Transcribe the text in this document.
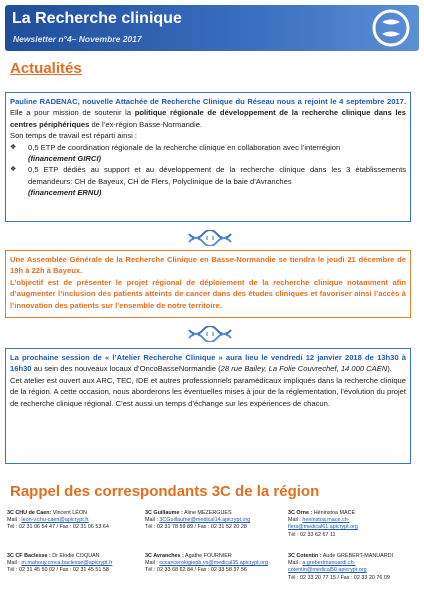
La Recherche clinique
Newsletter n°4– Novembre 2017
Actualités

Pauline RADENAC, nouvelle Attachée de Recherche Clinique du Réseau nous a rejoint le 4 septembre 2017. Elle a pour mission de soutenir la politique régionale de développement de la recherche clinique dans les centres périphériques de l’ex-région Basse-Normandie.

Son temps de travail est réparti ainsi :

❖	0,5 ETP de coordination régionale de la recherche clinique en collaboration avec l’interrégion
(financement GIRCI)
❖	0,5 ETP dédiés au support et au développement de la recherche clinique dans les 3 établissements demandeurs: CH de Bayeux, CH de Flers, Polyclinique de la baie d’Avranches
(financement ERNU)

Une Assemblée Générale de la Recherche Clinique en Basse-Normandie se tiendra le jeudi 21 décembre de 19h à 22h à Bayeux.

L’objectif est de présenter le projet régional de déploiement de la recherche clinique notamment afin d’augmenter l’inclusion des patients atteints de cancer dans des études cliniques et favoriser ainsi l’accès à l’innovation des patients sur l’ensemble de notre territoire.

La prochaine session de « l’Atelier Recherche Clinique » aura lieu le vendredi 12 janvier 2018 de 13h30 à 16h30 au sein des nouveaux locaux d’OncoBasseNormandie (28 rue Bailey, La Folie Couvrechef, 14 000 CAEN).

Cet atelier est ouvert aux ARC, TEC, IDE et autres professionnels paramédicaux impliqués dans la recherche clinique de la région. A cette occasion, nous aborderons les éventuelles mises à jour de la réglementation, l’évolution du projet de recherche clinique régional. C’est aussi un temps d’échange sur les expériences de chacun.

Rappel des correspondants 3C de la région
3C CHU de Caen: Vincent LÉON
Mail : leon-v.chu-caen@apicrypt.fr
Tél : 02 31 06 54 47 / Fax : 02 31 06 53 64
3C Guillaume : Aline MEZERGUES
Mail : 3CGuillaume@medical14.apicrypt.org
Tél : 02 31 78 59 89 / Fax : 02 31 52 20 28
3C Orne : Héninstoa MACÉ
Mail : heninstoa.mace.ch-flers@medical61.apicrypt.org
Tél : 02 33 62 67 11
3C CF Baclesse : Dr Elodie COQUAN
Mail : m.mahouy.cmca.baclesse@apicrypt.fr
Tél : 02 31 45 50 02 / Fax : 02 31 45 51 58
3C Avranches : Agathe FOURNIER
Mail : cccancerologiepb.vs@medical35.apicrypt.org
Tél : 02 33 68 62 84 / Fax : 02 33 58 37 56
3C Cotentin : Aude GREBERT-MANUARDI
Mail : a.grebertmanuardi.ch-cotentin@medical50.apicrypt.org
Tél : 02 33 20 77 15 / Fax : 02 33 20 76 09
